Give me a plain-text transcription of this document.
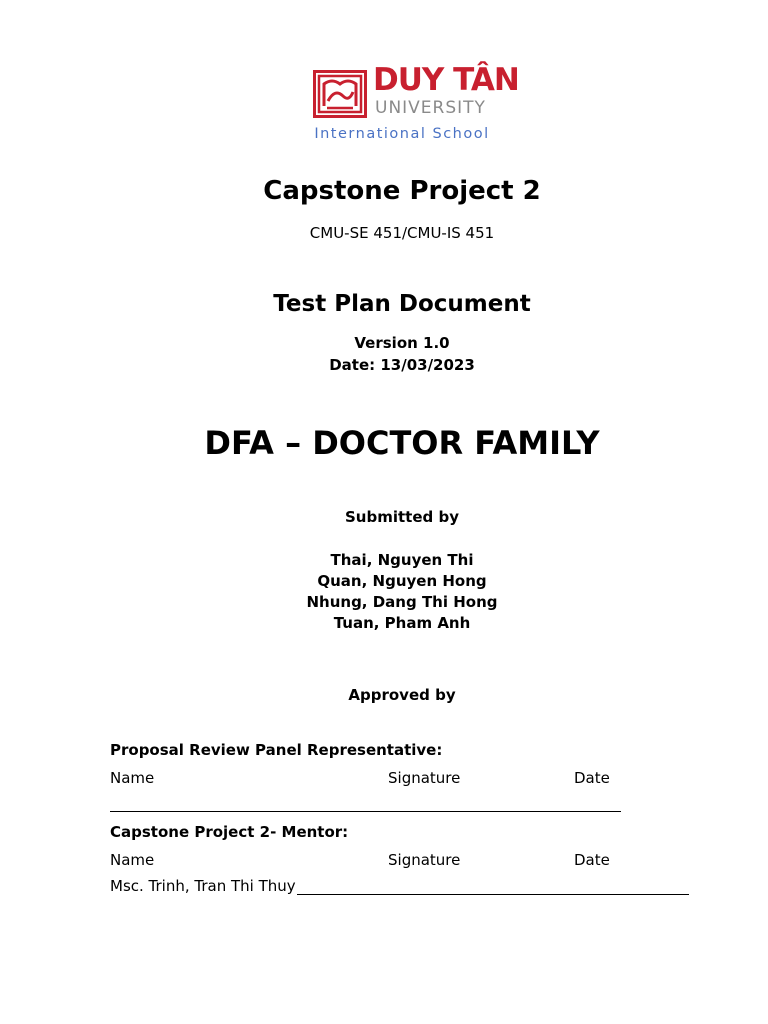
DUY TÂN
UNIVERSITY
International School
Capstone Project 2
CMU-SE 451/CMU-IS 451
Test Plan Document
Version 1.0
Date: 13/03/2023
DFA – DOCTOR FAMILY
Submitted by
Thai, Nguyen Thi
Quan, Nguyen Hong
Nhung, Dang Thi Hong
Tuan, Pham Anh
Approved by
Proposal Review Panel Representative:
Name	Signature	Date
Capstone Project 2- Mentor:
Name	Signature	Date
Msc. Trinh, Tran Thi Thuy
